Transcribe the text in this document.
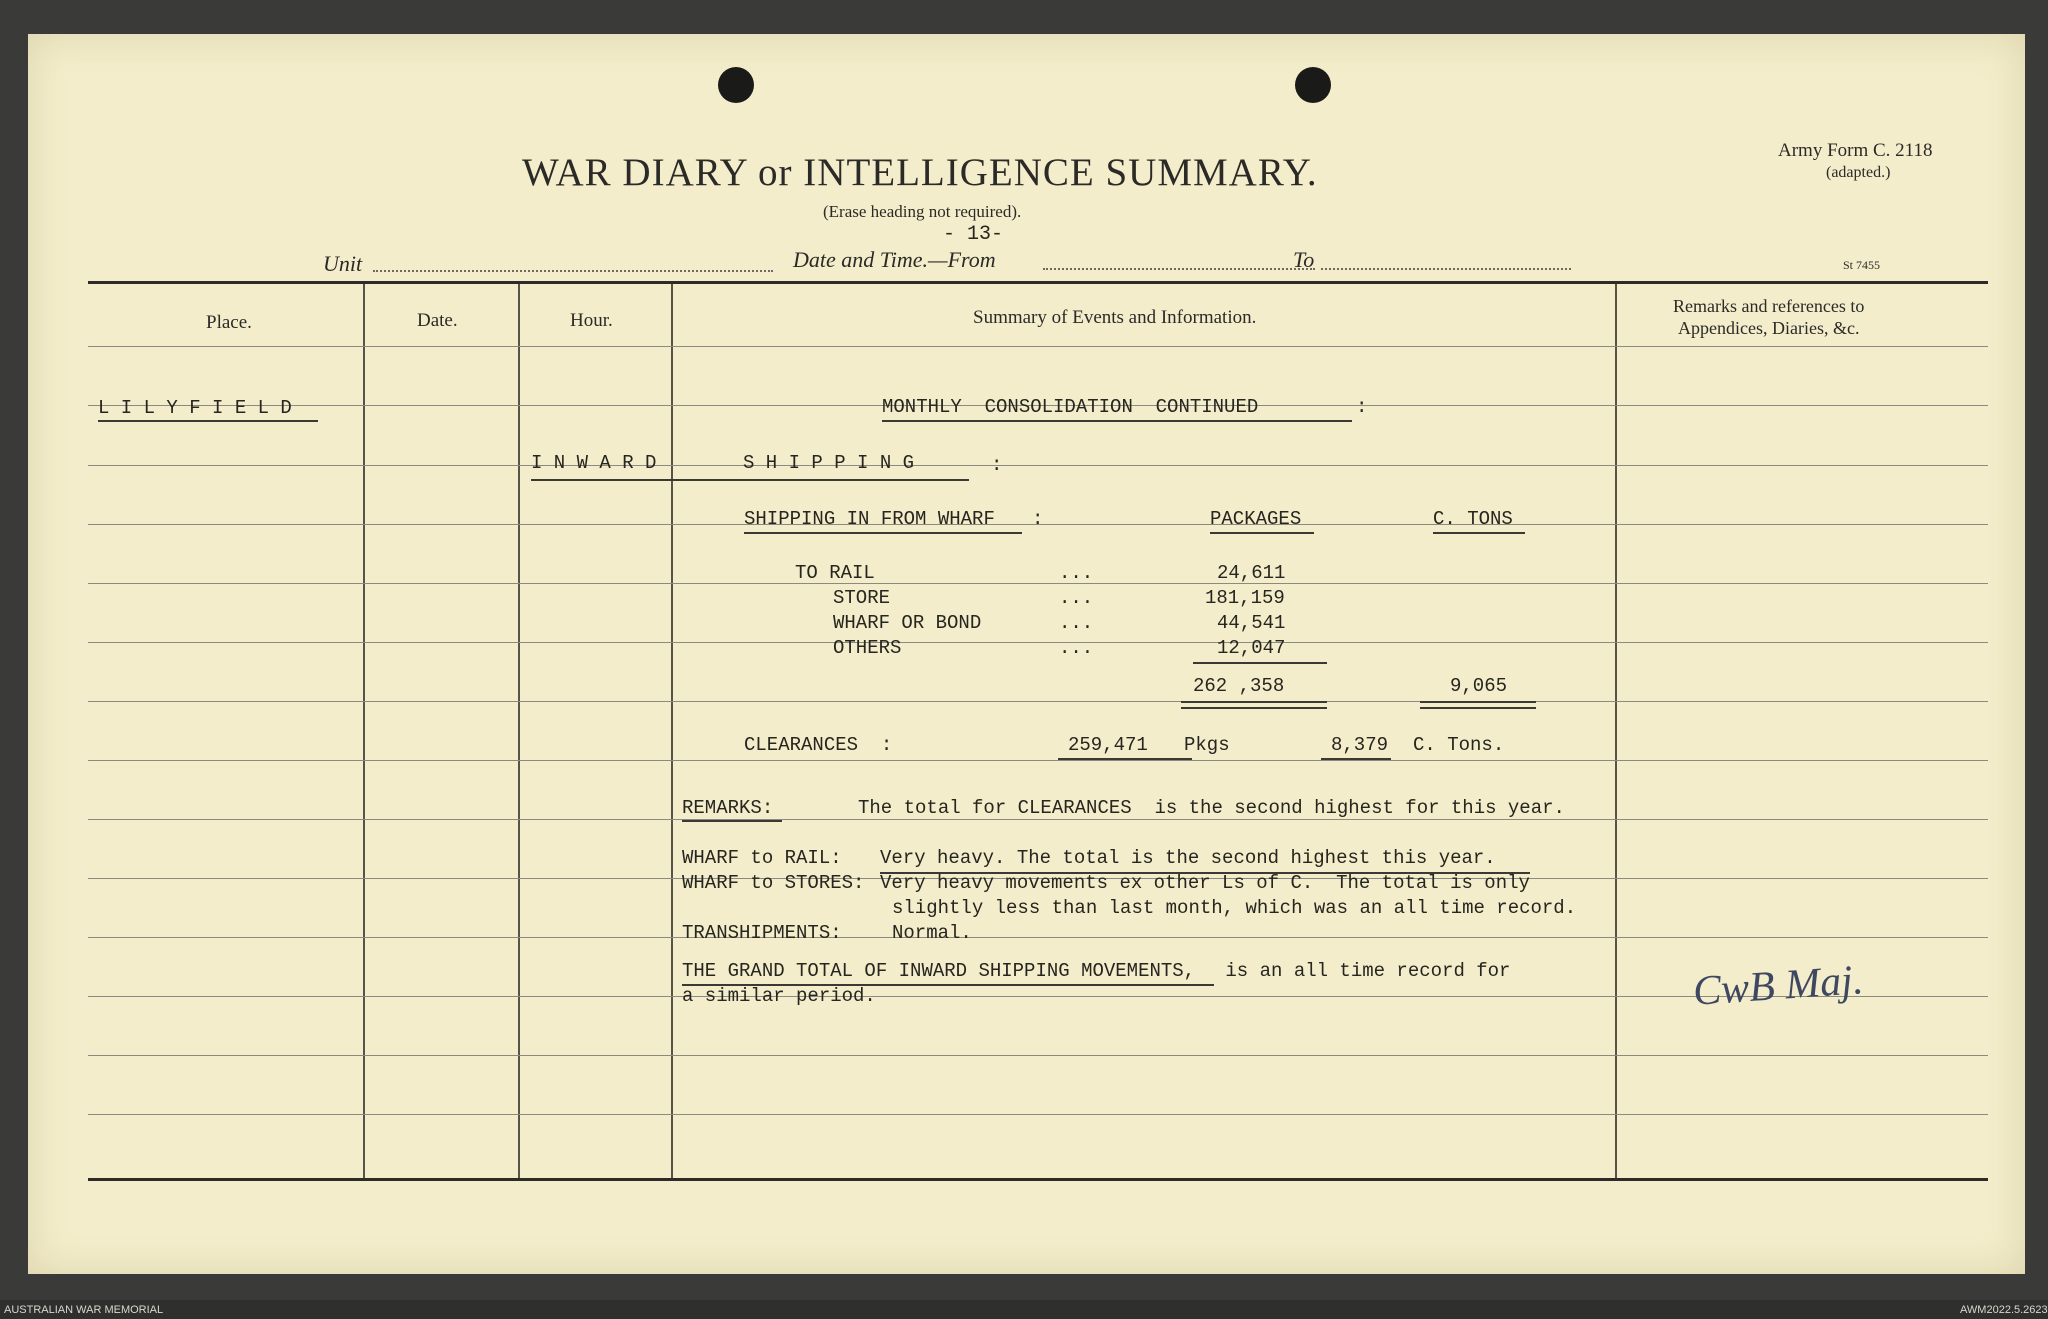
WAR DIARY or INTELLIGENCE SUMMARY.
(Erase heading not required).
- 13-
Army Form C. 2118
(adapted.)
Unit	Date and Time.—From	To	St 7455
Place.	Date.	Hour.	Summary of Events and Information.
Remarks and references to
Appendices, Diaries, &c.
L I L Y F I E L D	MONTHLY  CONSOLIDATION  CONTINUED	:
I N W A R D	S H I P P I N G	:
SHIPPING IN FROM WHARF :	PACKAGES	C. TONS
TO RAIL	...	24,611
STORE	...	181,159
WHARF OR BOND	...	44,541
OTHERS	...	12,047
262 ,358	9,065
CLEARANCES  :	259,471 Pkgs	8,379 C. Tons.
REMARKS:	The total for CLEARANCES  is the second highest for this year.
WHARF to RAIL: Very heavy. The total is the second highest this year.
WHARF to STORES: Very heavy movements ex other Ls of C.  The total is only
slightly less than last month, which was an all time record.
TRANSHIPMENTS:	Normal.
THE GRAND TOTAL OF INWARD SHIPPING MOVEMENTS, is an all time record for
a similar period.	CwB Maj.
AUSTRALIAN WAR MEMORIAL	AWM2022.5.2623
